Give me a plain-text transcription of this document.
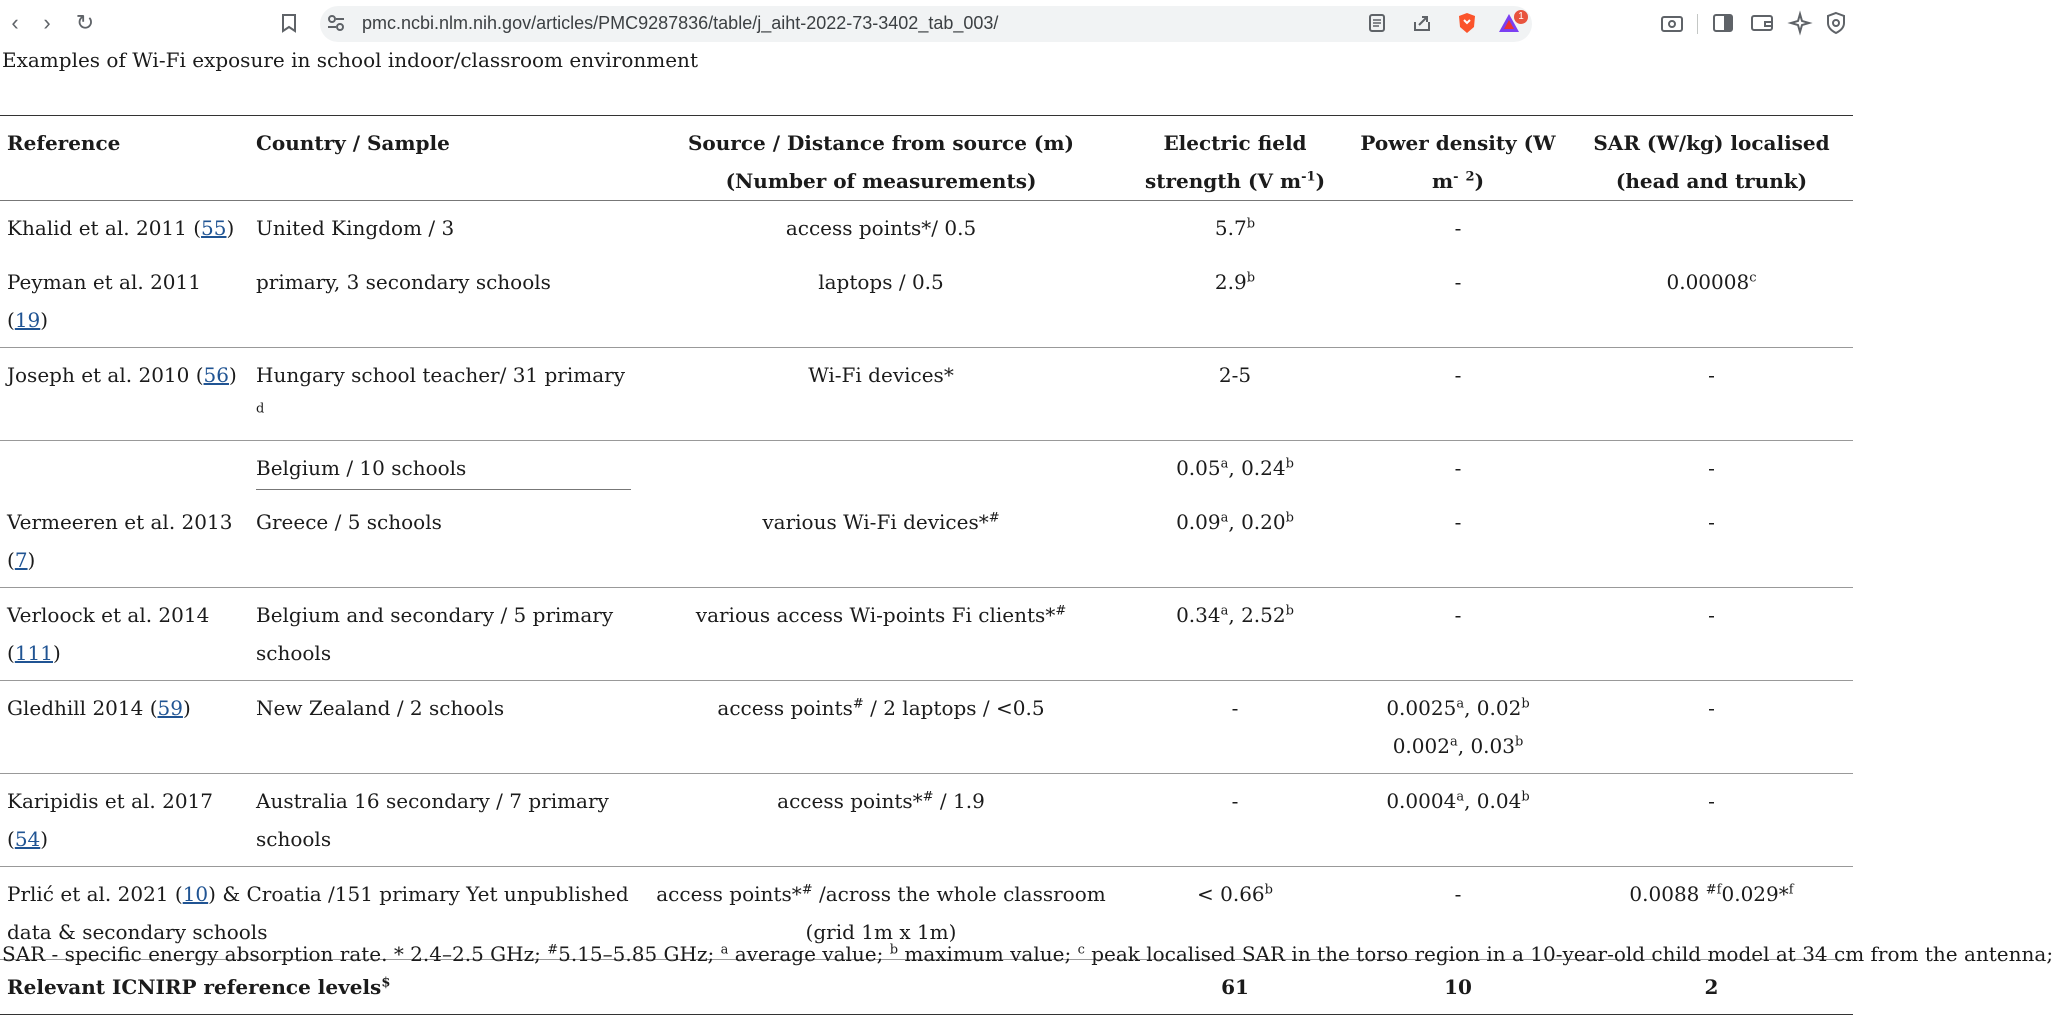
‹	›	↻	pmc.ncbi.nlm.nih.gov/articles/PMC9287836/table/j_aiht-2022-73-3402_tab_003/	1
Examples of Wi-Fi exposure in school indoor/classroom environment
Reference	Country / Sample	Source / Distance from source (m) (Number of measurements)	Electric field strength (V $m^{-1}$)	Power density (W m- $^2$)	SAR (W/kg) localised (head and trunk)
Khalid et al. 2011 (55)	United Kingdom / 3	access points*/ 0.5	5.7$^b$	-	
Peyman et al. 2011 (19)	primary, 3 secondary schools	laptops / 0.5	2.9$^b$	-	0.00008$^c$
Joseph et al. 2010 (56)	Hungary school teacher/ 31 primary $^d$	Wi-Fi devices*	2-5	-	-

	Belgium / 10 schools		0.05$^a$, 0.24$^b$	-	-
Vermeeren et al. 2013 (7)	Greece / 5 schools	various Wi-Fi devices*#	0.09$^a$, 0.20$^b$	-	-
Verloock et al. 2014 (111)	Belgium and secondary / 5 primary schools	various access Wi-points Fi clients*#	0.34$^a$, 2.52$^b$	-	-
Gledhill 2014 (59)	New Zealand / 2 schools	access points# / 2 laptops / <0.5	-	0.0025$^a$, 0.02$^b$ 0.002$^a$, 0.03$^b$	-
Karipidis et al. 2017 (54)	Australia 16 secondary / 7 primary schools	access points*# / 1.9	-	0.0004$^a$, 0.04$^b$	-
Prlić et al. 2021 (10) & Croatia /151 primary Yet unpublished data & secondary schools		access points*# /across the whole classroom (grid 1m x 1m)	< 0.66$^b$	-	0.0088 $^{\#f}$0.029*$^f$
Relevant ICNIRP reference levels$			61	10	2
SAR - specific energy absorption rate. * 2.4–2.5 GHz; #5.15–5.85 GHz; $^a$ average value; $^b$ maximum value; $^c$ peak localised SAR in the torso region in a 10-year-old child model at 34 cm from the antenna;
